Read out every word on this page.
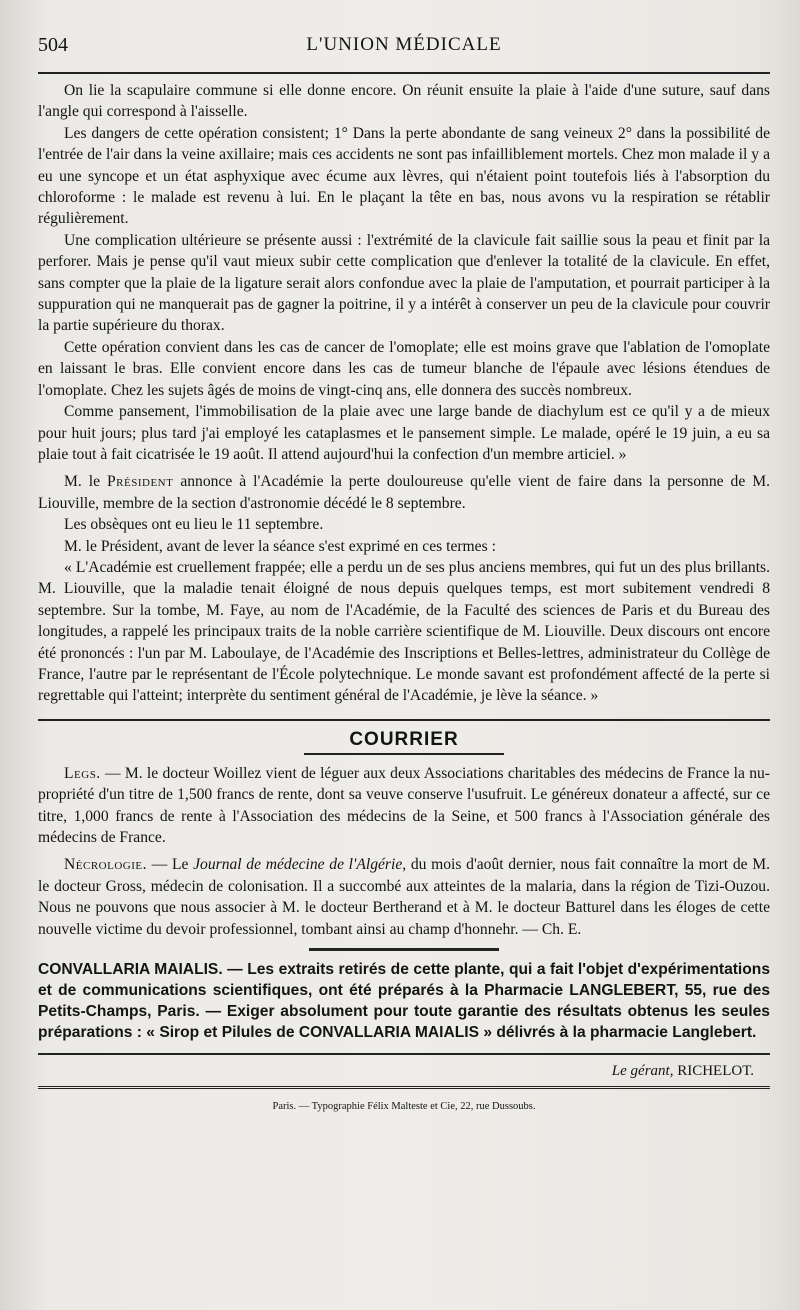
504	L'UNION MÉDICALE

On lie la scapulaire commune si elle donne encore. On réunit ensuite la plaie à l'aide d'une suture, sauf dans l'angle qui correspond à l'aisselle.

Les dangers de cette opération consistent; 1° Dans la perte abondante de sang veineux 2° dans la possibilité de l'entrée de l'air dans la veine axillaire; mais ces accidents ne sont pas infailliblement mortels. Chez mon malade il y a eu une syncope et un état asphyxique avec écume aux lèvres, qui n'étaient point toutefois liés à l'absorption du chloroforme : le malade est revenu à lui. En le plaçant la tête en bas, nous avons vu la respiration se rétablir régulièrement.

Une complication ultérieure se présente aussi : l'extrémité de la clavicule fait saillie sous la peau et finit par la perforer. Mais je pense qu'il vaut mieux subir cette complication que d'enlever la totalité de la clavicule. En effet, sans compter que la plaie de la ligature serait alors confondue avec la plaie de l'amputation, et pourrait participer à la suppuration qui ne manquerait pas de gagner la poitrine, il y a intérêt à conserver un peu de la clavicule pour couvrir la partie supérieure du thorax.

Cette opération convient dans les cas de cancer de l'omoplate; elle est moins grave que l'ablation de l'omoplate en laissant le bras. Elle convient encore dans les cas de tumeur blanche de l'épaule avec lésions étendues de l'omoplate. Chez les sujets âgés de moins de vingt-cinq ans, elle donnera des succès nombreux.

Comme pansement, l'immobilisation de la plaie avec une large bande de diachylum est ce qu'il y a de mieux pour huit jours; plus tard j'ai employé les cataplasmes et le pansement simple. Le malade, opéré le 19 juin, a eu sa plaie tout à fait cicatrisée le 19 août. Il attend aujourd'hui la confection d'un membre articiel. »

M. le Président annonce à l'Académie la perte douloureuse qu'elle vient de faire dans la personne de M. Liouville, membre de la section d'astronomie décédé le 8 septembre.

Les obsèques ont eu lieu le 11 septembre.

M. le Président, avant de lever la séance s'est exprimé en ces termes :

« L'Académie est cruellement frappée; elle a perdu un de ses plus anciens membres, qui fut un des plus brillants. M. Liouville, que la maladie tenait éloigné de nous depuis quelques temps, est mort subitement vendredi 8 septembre. Sur la tombe, M. Faye, au nom de l'Académie, de la Faculté des sciences de Paris et du Bureau des longitudes, a rappelé les principaux traits de la noble carrière scientifique de M. Liouville. Deux discours ont encore été prononcés : l'un par M. Laboulaye, de l'Académie des Inscriptions et Belles-lettres, administrateur du Collège de France, l'autre par le représentant de l'École polytechnique. Le monde savant est profondément affecté de la perte si regrettable qui l'atteint; interprète du sentiment général de l'Académie, je lève la séance. »

COURRIER

Legs. — M. le docteur Woillez vient de léguer aux deux Associations charitables des médecins de France la nu-propriété d'un titre de 1,500 francs de rente, dont sa veuve conserve l'usufruit. Le généreux donateur a affecté, sur ce titre, 1,000 francs de rente à l'Association des médecins de la Seine, et 500 francs à l'Association générale des médecins de France.

Nécrologie. — Le Journal de médecine de l'Algérie, du mois d'août dernier, nous fait connaître la mort de M. le docteur Gross, médecin de colonisation. Il a succombé aux atteintes de la malaria, dans la région de Tizi-Ouzou. Nous ne pouvons que nous associer à M. le docteur Bertherand et à M. le docteur Batturel dans les éloges de cette nouvelle victime du devoir professionnel, tombant ainsi au champ d'honnehr. — Ch. E.

CONVALLARIA MAIALIS. — Les extraits retirés de cette plante, qui a fait l'objet d'expérimentations et de communications scientifiques, ont été préparés à la Pharmacie LANGLEBERT, 55, rue des Petits-Champs, Paris. — Exiger absolument pour toute garantie des résultats obtenus les seules préparations : « Sirop et Pilules de CONVALLARIA MAIALIS » délivrés à la pharmacie Langlebert.
Le gérant, RICHELOT.
Paris. — Typographie Félix Malteste et Cie, 22, rue Dussoubs.
